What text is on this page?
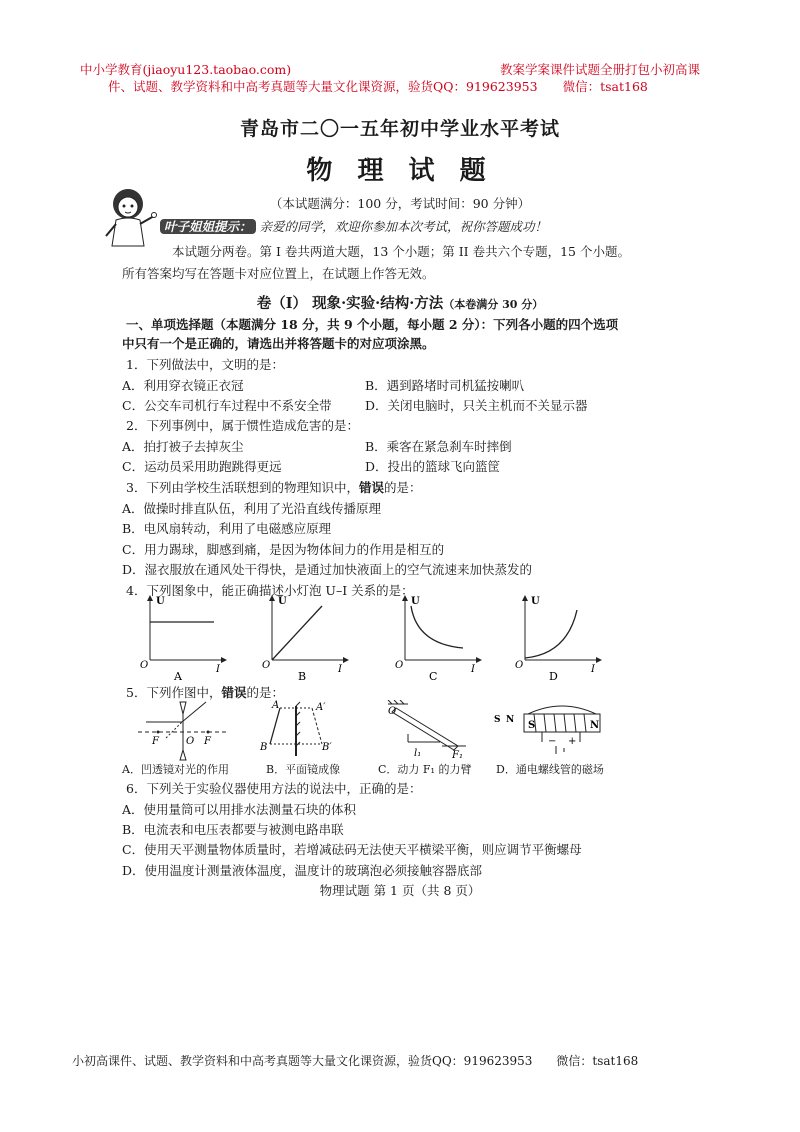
中小学教育(jiaoyu123.taobao.com)	教案学案课件试题全册打包小初高课
件、试题、教学资料和中高考真题等大量文化课资源，验货QQ：919623953　　微信：tsat168
青岛市二〇一五年初中学业水平考试
物 理 试 题
（本试题满分：100 分，考试时间：90 分钟）
叶子姐姐提示： 亲爱的同学，欢迎你参加本次考试，祝你答题成功！
本试题分两卷。第 I 卷共两道大题，13 个小题；第 II 卷共六个专题，15 个小题。
所有答案均写在答题卡对应位置上，在试题上作答无效。
卷（I） 现象·实验·结构·方法（本卷满分 30 分）
一、单项选择题（本题满分 18 分，共 9 个小题，每小题 2 分）：下列各小题的四个选项
中只有一个是正确的，请选出并将答题卡的对应项涂黑。
1．下列做法中，文明的是：
A．利用穿衣镜正衣冠	B．遇到路堵时司机猛按喇叭
C．公交车司机行车过程中不系安全带	D．关闭电脑时，只关主机而不关显示器
2．下列事例中，属于惯性造成危害的是：
A．拍打被子去掉灰尘	B．乘客在紧急刹车时摔倒
C．运动员采用助跑跳得更远	D．投出的篮球飞向篮筐
3．下列由学校生活联想到的物理知识中，错误的是：
A．做操时排直队伍，利用了光沿直线传播原理
B．电风扇转动，利用了电磁感应原理
C．用力踢球，脚感到痛，是因为物体间力的作用是相互的
D．湿衣服放在通风处干得快，是通过加快液面上的空气流速来加快蒸发的
4．下列图象中，能正确描述小灯泡 U–I 关系的是：
U
O	I
A
U
O	I
B
U
O	I
C
U
O	I
D
5．下列作图中，错误的是：
F	O F
A	A′
B	B′
O
l₁	F₁
S N S	N
− +
A．凹透镜对光的作用	B．平面镜成像	C．动力 F₁ 的力臂 D．通电螺线管的磁场
6．下列关于实验仪器使用方法的说法中，正确的是：
A．使用量筒可以用排水法测量石块的体积
B．电流表和电压表都要与被测电路串联
C．使用天平测量物体质量时，若增减砝码无法使天平横梁平衡，则应调节平衡螺母
D．使用温度计测量液体温度，温度计的玻璃泡必须接触容器底部
物理试题 第 1 页（共 8 页）
小初高课件、试题、教学资料和中高考真题等大量文化课资源，验货QQ：919623953　　微信：tsat168
